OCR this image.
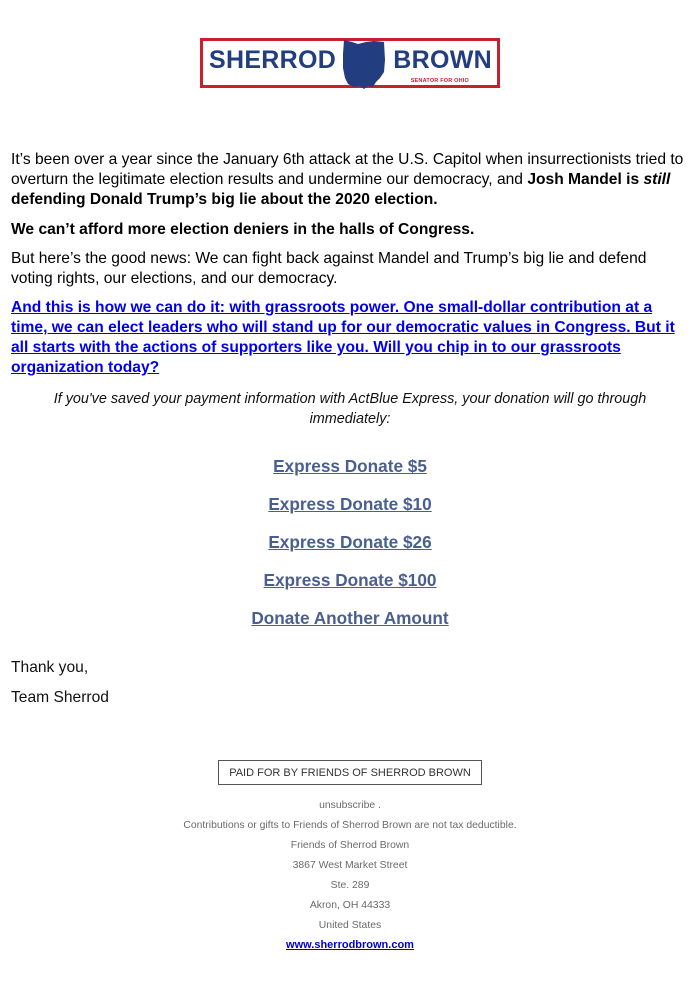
SHERROD BROWN
SENATOR FOR OHIO

It’s been over a year since the January 6th attack at the U.S. Capitol when insurrectionists tried to overturn the legitimate election results and undermine our democracy, and Josh Mandel is still defending Donald Trump’s big lie about the 2020 election.

We can’t afford more election deniers in the halls of Congress.

But here’s the good news: We can fight back against Mandel and Trump’s big lie and defend voting rights, our elections, and our democracy.

And this is how we can do it: with grassroots power. One small-dollar contribution at a time, we can elect leaders who will stand up for our democratic values in Congress. But it all starts with the actions of supporters like you. Will you chip in to our grassroots organization today?
If you've saved your payment information with ActBlue Express, your donation will go through immediately:
Express Donate $5
Express Donate $10
Express Donate $26
Express Donate $100
Donate Another Amount
Thank you,
Team Sherrod
PAID FOR BY FRIENDS OF SHERROD BROWN
unsubscribe .
Contributions or gifts to Friends of Sherrod Brown are not tax deductible.
Friends of Sherrod Brown
3867 West Market Street
Ste. 289
Akron, OH 44333
United States
www.sherrodbrown.com
